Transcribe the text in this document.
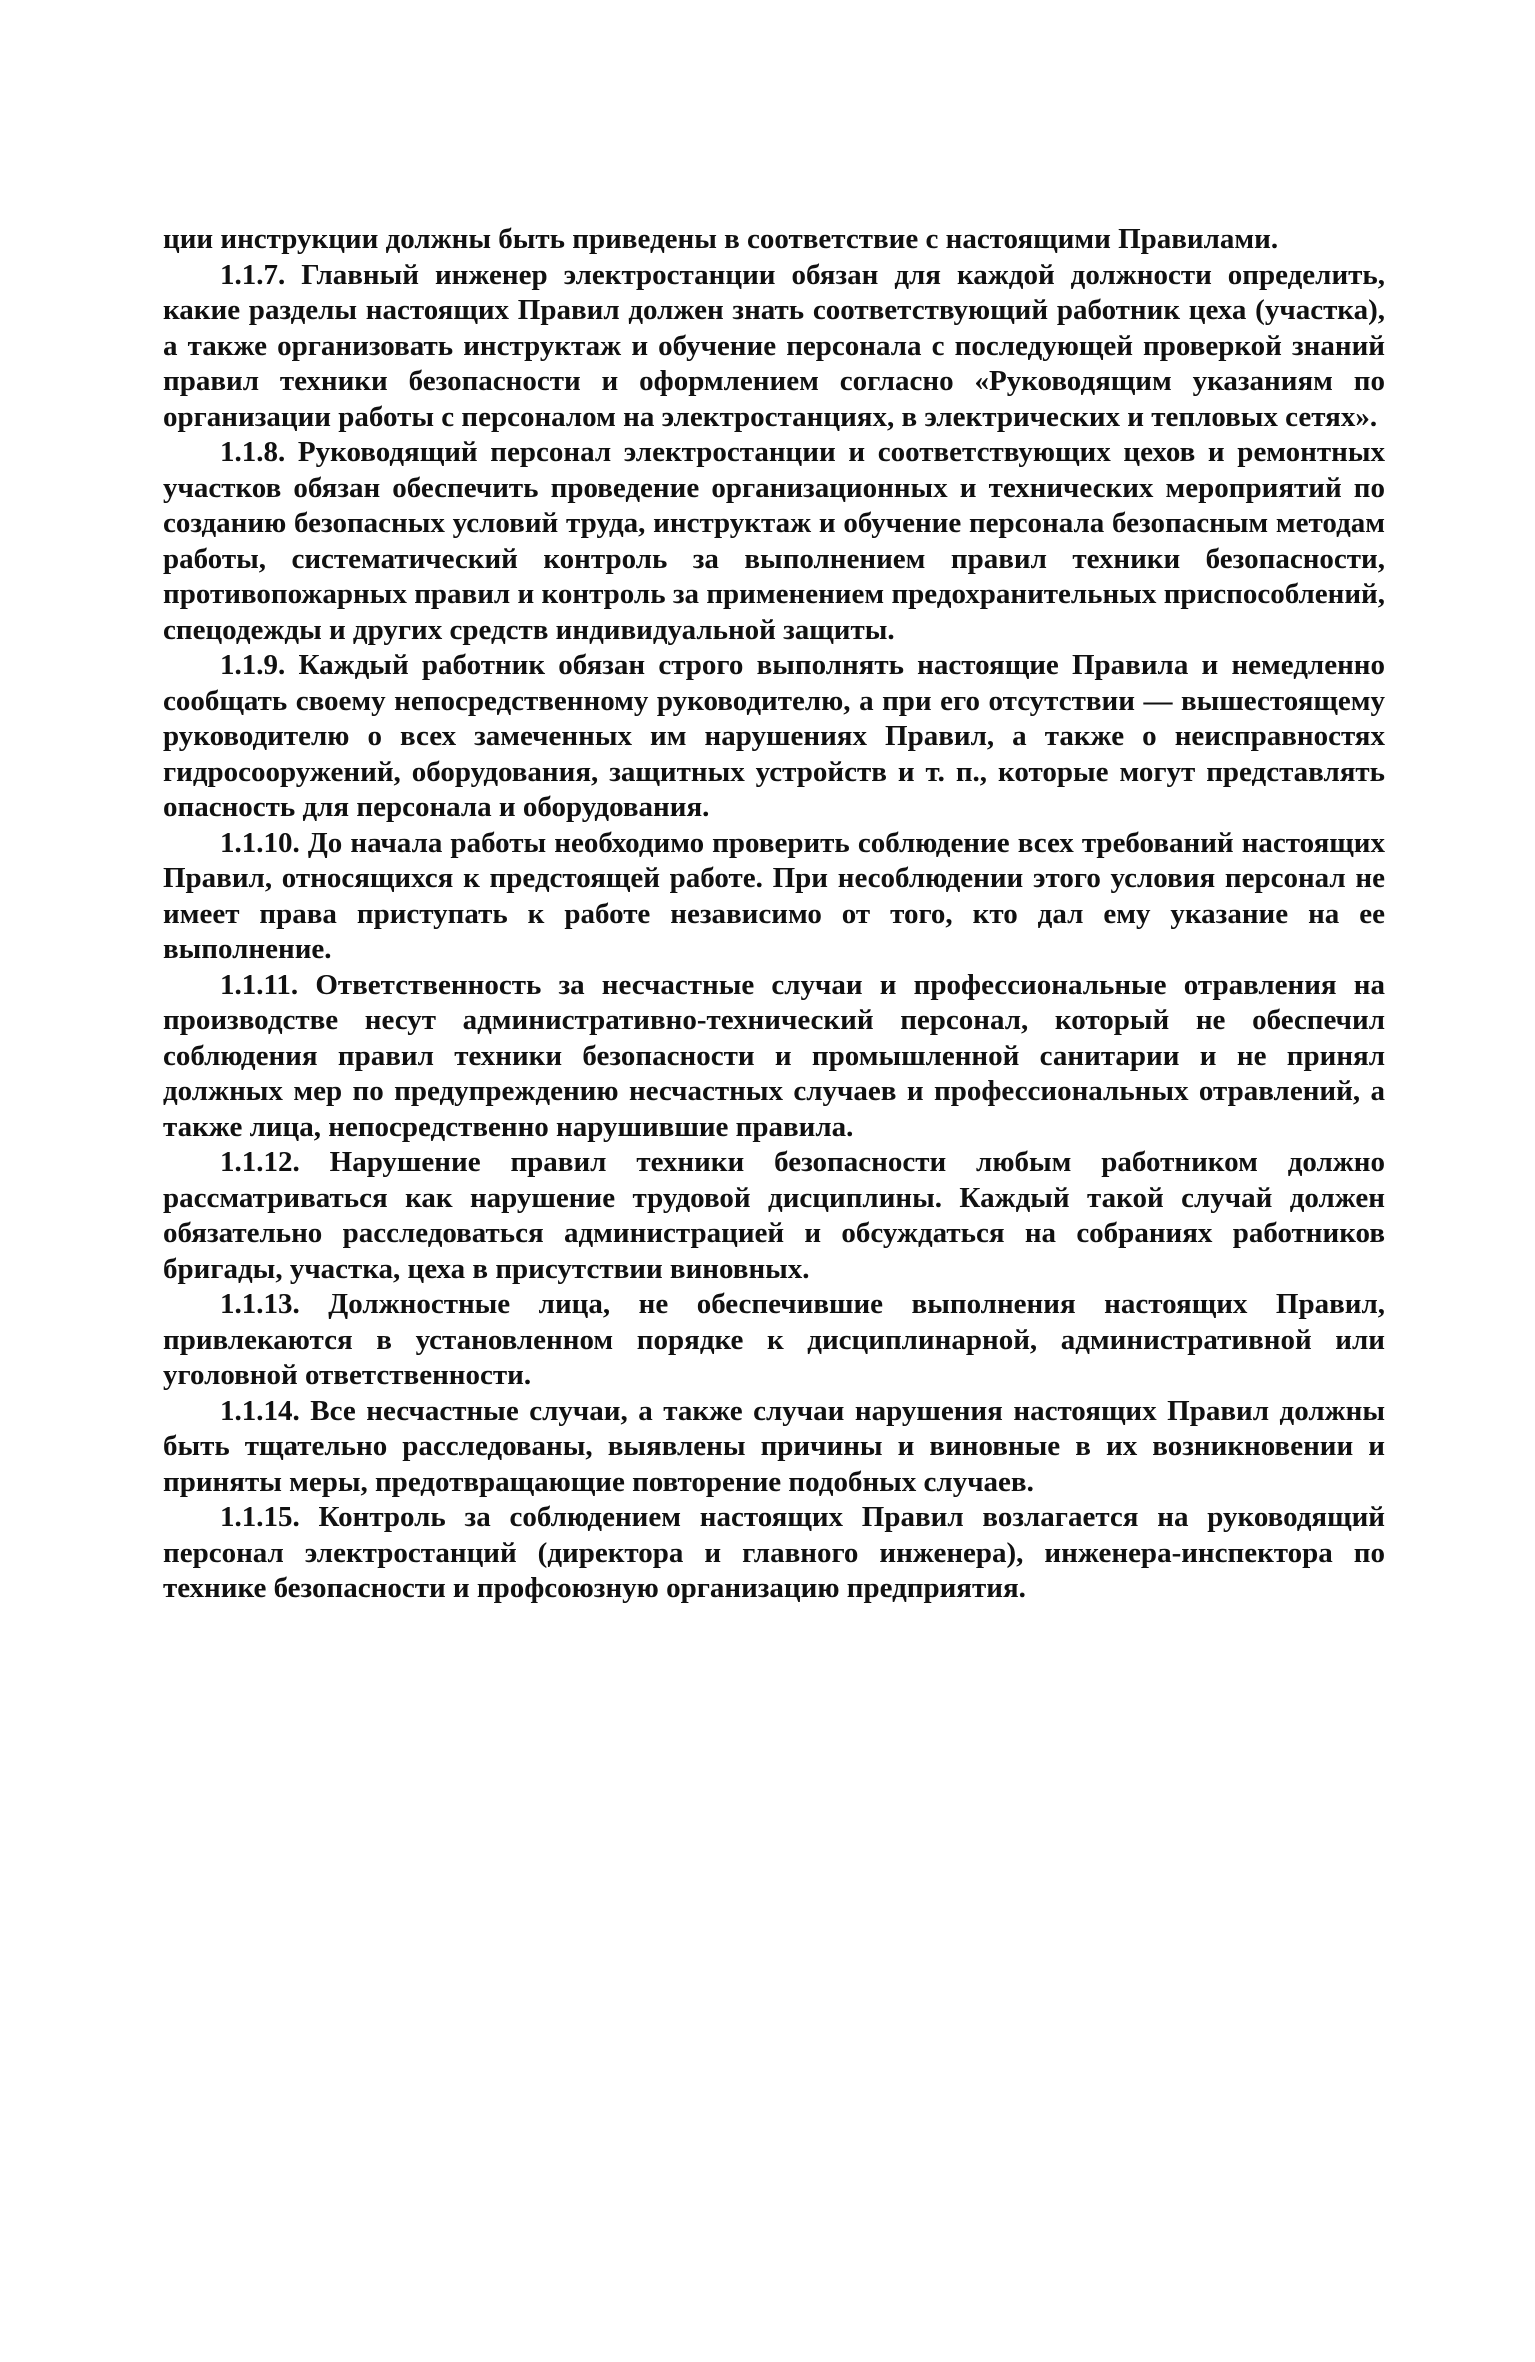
ции инструкции должны быть приведены в соответствие с настоящими Правилами.

1.1.7. Главный инженер электростанции обязан для каждой должности определить, какие разделы настоящих Правил должен знать соответствующий работник цеха (участка), а также организовать инструктаж и обучение персонала с последующей проверкой знаний правил техники безопасности и оформлением согласно «Руководящим указаниям по организации работы с персоналом на электростанциях, в электрических и тепловых сетях».

1.1.8. Руководящий персонал электростанции и соответствующих цехов и ремонтных участков обязан обеспечить проведение организационных и технических мероприятий по созданию безопасных условий труда, инструктаж и обучение персонала безопасным методам работы, систематический контроль за выполнением правил техники безопасности, противопожарных правил и контроль за применением предохранительных приспособлений, спецодежды и других средств индивидуальной защиты.

1.1.9. Каждый работник обязан строго выполнять настоящие Правила и немедленно сообщать своему непосредственному руководителю, а при его отсутствии — вышестоящему руководителю о всех замеченных им нарушениях Правил, а также о неисправностях гидросооружений, оборудования, защитных устройств и т. п., которые могут представлять опасность для персонала и оборудования.

1.1.10. До начала работы необходимо проверить соблюдение всех требований настоящих Правил, относящихся к предстоящей работе. При несоблюдении этого условия персонал не имеет права приступать к работе независимо от того, кто дал ему указание на ее выполнение.

1.1.11. Ответственность за несчастные случаи и профессиональные отравления на производстве несут административно-технический персонал, который не обеспечил соблюдения правил техники безопасности и промышленной санитарии и не принял должных мер по предупреждению несчастных случаев и профессиональных отравлений, а также лица, непосредственно нарушившие правила.

1.1.12. Нарушение правил техники безопасности любым работником должно рассматриваться как нарушение трудовой дисциплины. Каждый такой случай должен обязательно расследоваться администрацией и обсуждаться на собраниях работников бригады, участка, цеха в присутствии виновных.

1.1.13. Должностные лица, не обеспечившие выполнения настоящих Правил, привлекаются в установленном порядке к дисциплинарной, административной или уголовной ответственности.

1.1.14. Все несчастные случаи, а также случаи нарушения настоящих Правил должны быть тщательно расследованы, выявлены причины и виновные в их возникновении и приняты меры, предотвращающие повторение подобных случаев.

1.1.15. Контроль за соблюдением настоящих Правил возлагается на руководящий персонал электростанций (директора и главного инженера), инженера-инспектора по технике безопасности и профсоюзную организацию предприятия.
